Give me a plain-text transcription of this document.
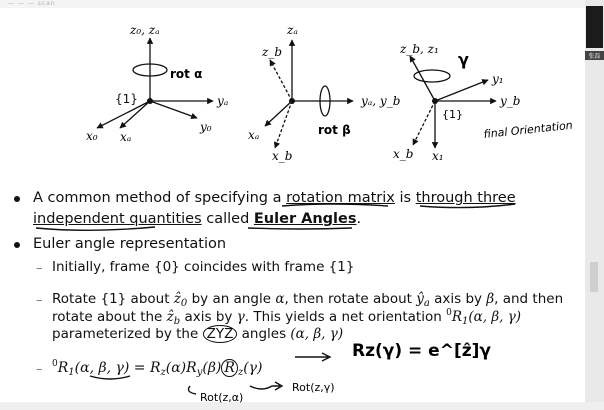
— — — scan
张磊
z₀, zₐ
yₐ
y₀
x₀ xₐ
{1}
rot α
zₐ
z_b
yₐ, y_b
xₐ
x_b
rot β
z_b, z₁
y₁
y_b
x_b x₁
{1}
γ
final Orientation
A common method of specifying a rotation matrix is through three
independent quantities called Euler Angles.
Euler angle representation
– Initially, frame {0} coincides with frame {1}
– Rotate {1} about ẑ$_0$ by an angle α, then rotate about $ŷ_a$ axis by β, and then
rotate about the ẑ$_b$ axis by γ. This yields a net orientation $^0R_1(\alpha$, β, γ)
parameterized by the ZYZ angles (α, β, γ)
– $^0R_1(\alpha$, β, $\gamma) = R_z(\alpha)R_y(\beta)$ R $_z$(γ)
Rz(γ) = e^[ẑ]γ
Rot(z,α)
Rot(z,γ)
